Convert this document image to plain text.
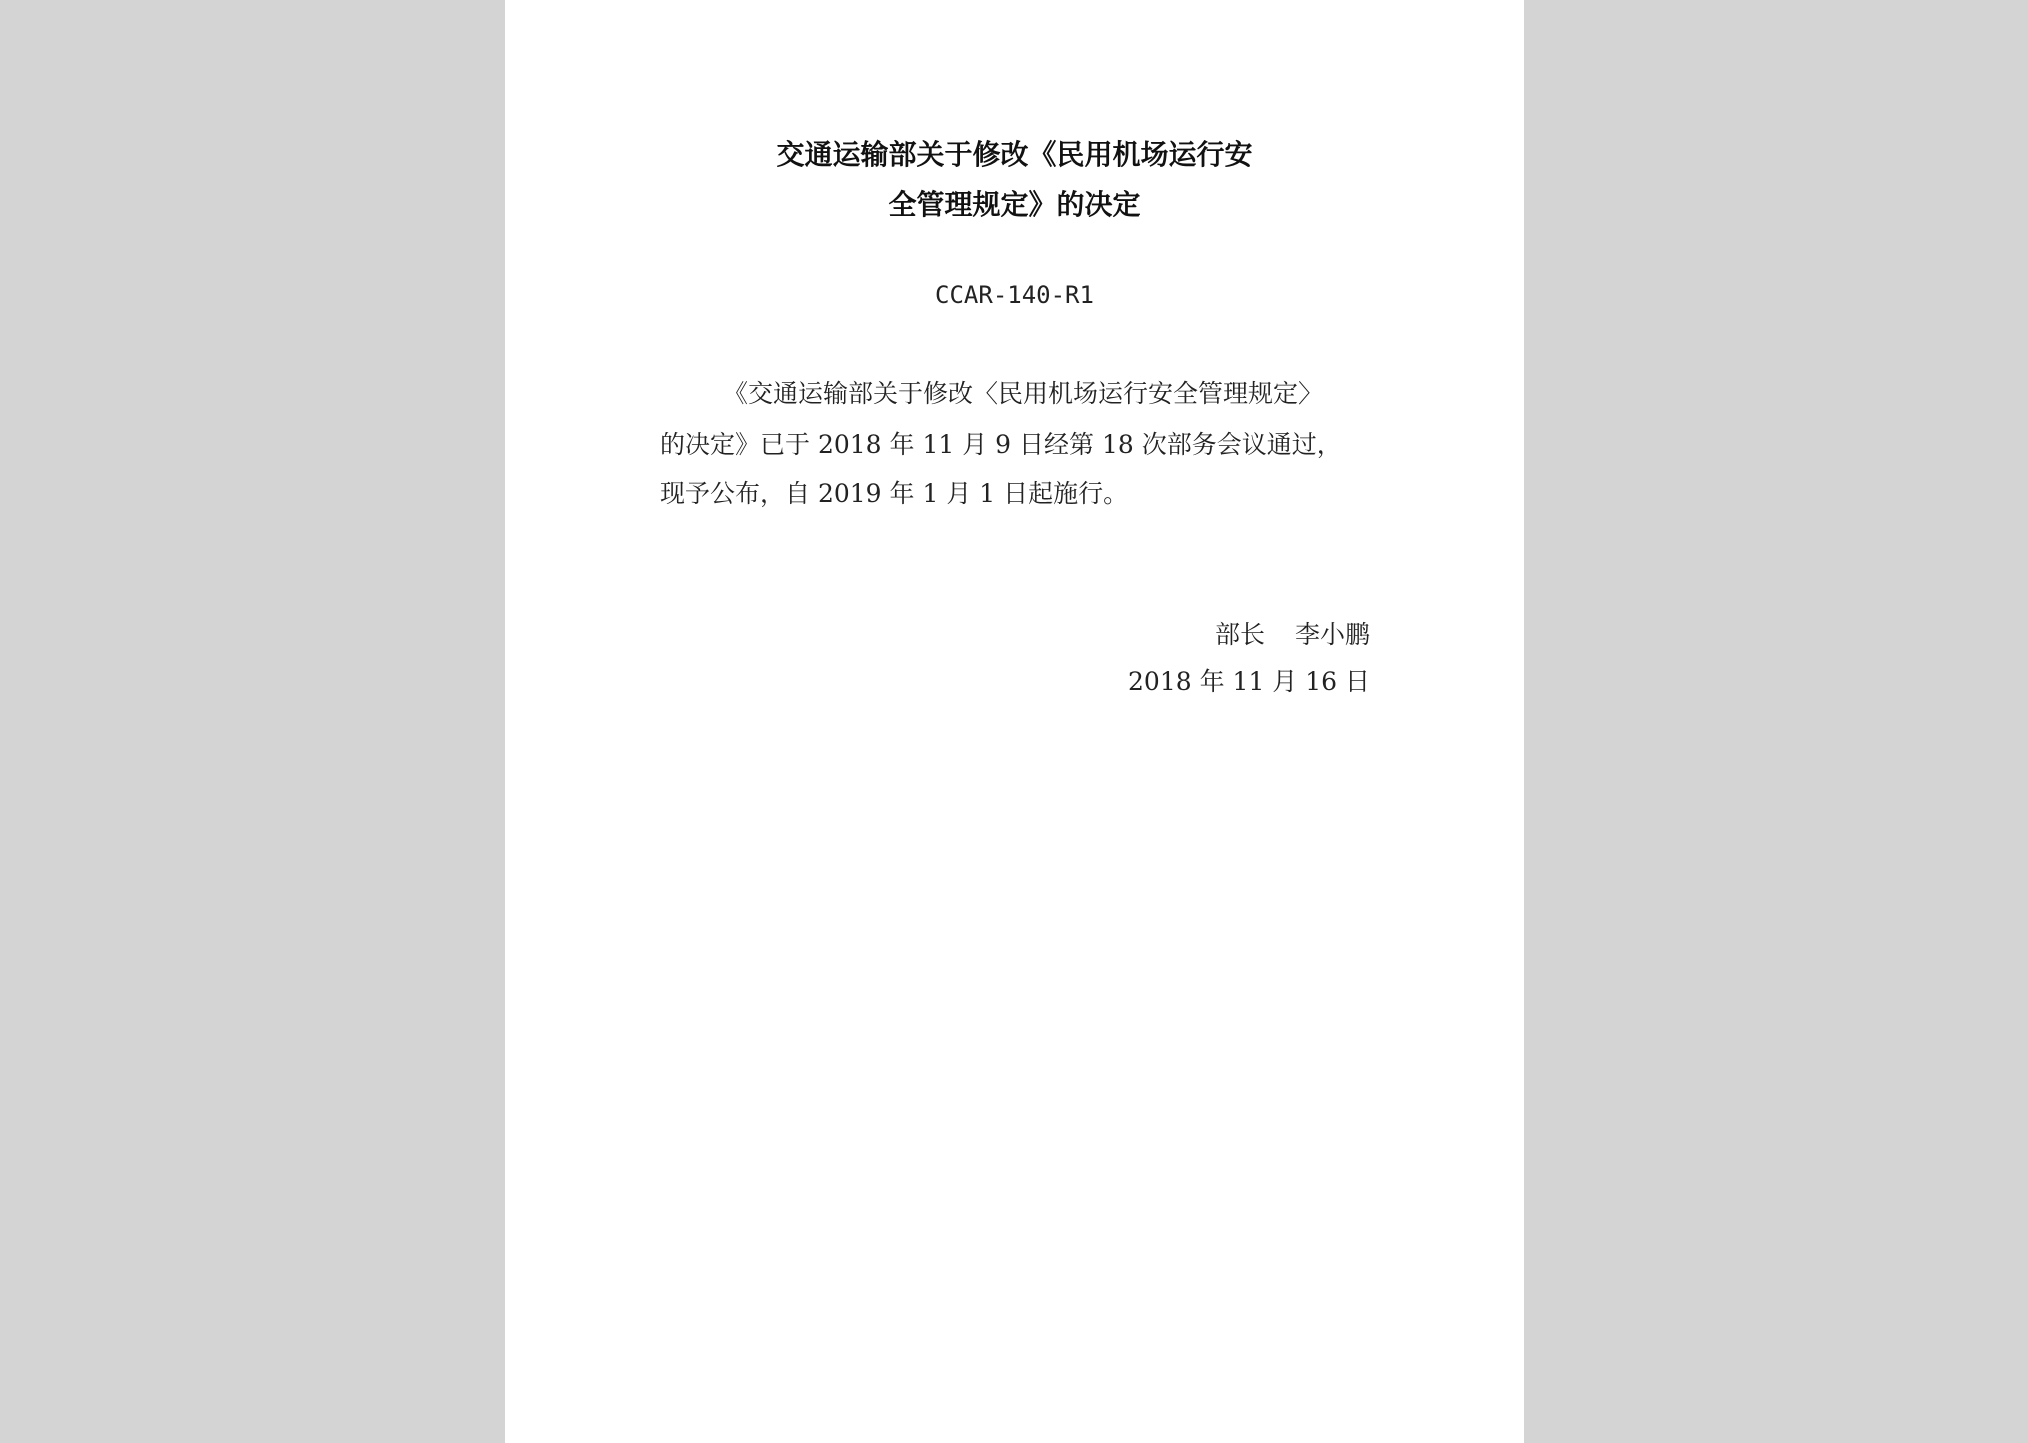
交通运输部关于修改《民用机场运行安
全管理规定》的决定
CCAR-140-R1
《交通运输部关于修改〈民用机场运行安全管理规定〉
的决定》已于 2018 年 11 月 9 日经第 18 次部务会议通过，
现予公布，自 2019 年 1 月 1 日起施行。
部长 李小鹏
2018 年 11 月 16 日
